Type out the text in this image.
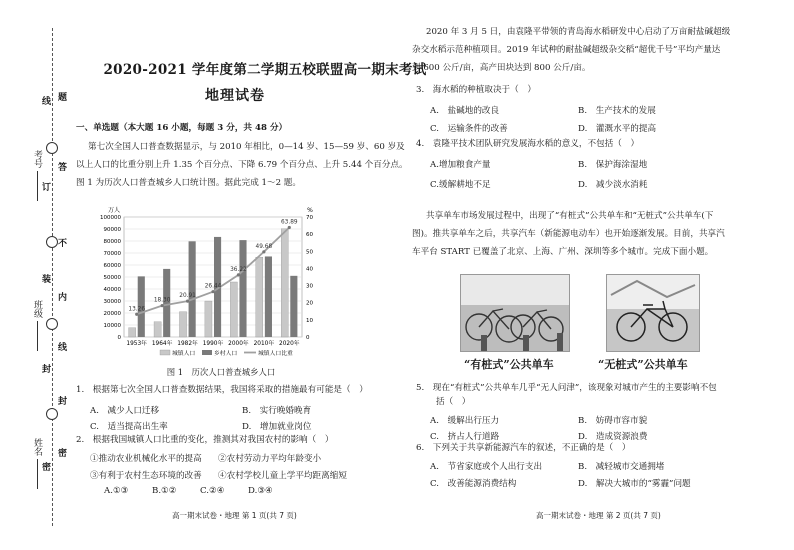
考号
班级
姓名
线
订
装
封
密
题
答
不
内
线
封
密
2020-2021 学年度第二学期五校联盟高一期末考试
地理试卷
一、单选题（本大题 16 小题，每题 3 分，共 48 分）
第七次全国人口普查数据显示，与 2010 年相比，0—14 岁、15—59 岁、60 岁及
以上人口的比重分别上升 1.35 个百分点、下降 6.79 个百分点、上升 5.44 个百分点。
图 1 为历次人口普查城乡人口统计图。据此完成 1～2 题。
万人	%
0
10000
20000
30000
40000
50000
60000
70000
80000
90000
100000
0
10
20
30
40
50
60
70
1953年 1964年 1982年 1990年 2000年 2010年 2020年
13.26
18.30
20.91
26.44
36.22
49.68
63.89
城镇人口	乡村人口	城镇人口比重
图 1　历次人口普查城乡人口
1.　根据第七次全国人口普查数据结果，我国将采取的措施最有可能是（　）
A.　减少人口迁移	B.　实行晚婚晚育
C.　适当提高出生率	D.　增加就业岗位
2.　根据我国城镇人口比重的变化，推测其对我国农村的影响（　）
①推动农业机械化水平的提高 ②农村劳动力平均年龄变小
③有利于农村生态环境的改善 ④农村学校儿童上学平均距离缩短
A.①③	B.①②	C.②④	D.③④
高一期末试卷・地理 第 1 页(共 7 页)
2020 年 3 月 5 日，由袁隆平带领的青岛海水稻研发中心启动了万亩耐盐碱超级
杂交水稻示范种植项目。2019 年试种的耐盐碱超级杂交稻“超优千号”平均产量达
到 600 公斤/亩，高产田块达到 800 公斤/亩。
3.　海水稻的种植取决于（　）
A.　盐碱地的改良	B.　生产技术的发展
C.　运输条件的改善	D.　灌溉水平的提高
4.　袁隆平技术团队研究发展海水稻的意义，不包括（　）
A.增加粮食产量	B.　保护海涂湿地
C.缓解耕地不足	D.　减少淡水消耗
共享单车市场发展过程中，出现了“有桩式”公共单车和“无桩式”公共单车(下
图)。推共享单车之后，共享汽车（新能源电动车）也开始逐渐发展。目前，共享汽
车平台 START 已覆盖了北京、上海、广州、深圳等多个城市。完成下面小题。
“有桩式”公共单车	“无桩式”公共单车
5.　现在“有桩式”公共单车几乎“无人问津”，该现象对城市产生的主要影响不包
括（　）
A.　缓解出行压力	B.　妨碍市容市貌
C.　挤占人行道路	D.　造成资源浪费
6.　下列关于共享新能源汽车的叙述，不正确的是（　）
A.　节省家庭或个人出行支出	B.　减轻城市交通拥堵
C.　改善能源消费结构	D.　解决大城市的“雾霾”问题
高一期末试卷・地理 第 2 页(共 7 页)
